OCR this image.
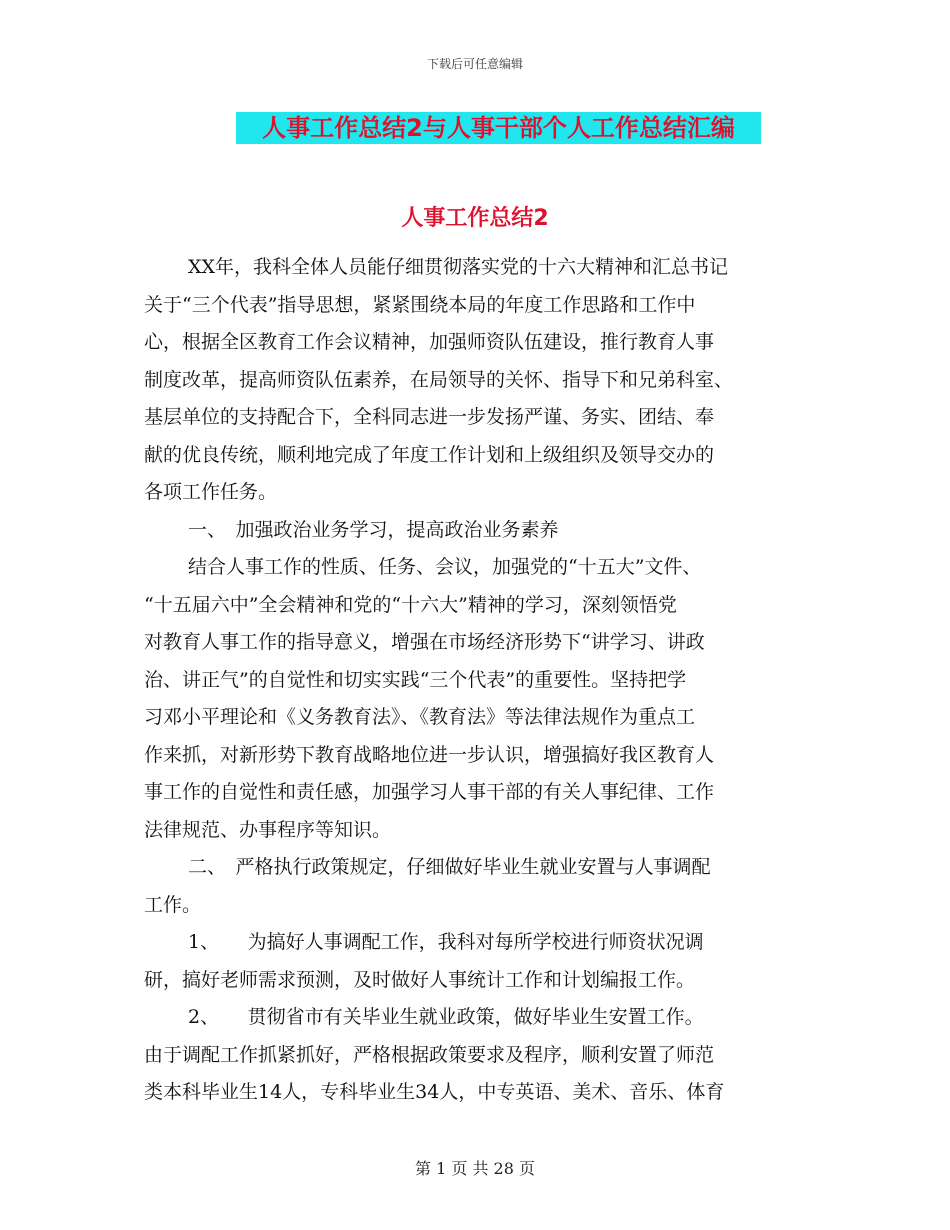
下载后可任意编辑
人事工作总结2与人事干部个人工作总结汇编
人事工作总结2
XX年，我科全体人员能仔细贯彻落实党的十六大精神和汇总书记
关于“三个代表”指导思想，紧紧围绕本局的年度工作思路和工作中
心，根据全区教育工作会议精神，加强师资队伍建设，推行教育人事
制度改革，提高师资队伍素养，在局领导的关怀、指导下和兄弟科室、
基层单位的支持配合下，全科同志进一步发扬严谨、务实、团结、奉
献的优良传统，顺利地完成了年度工作计划和上级组织及领导交办的
各项工作任务。
一、　加强政治业务学习，提高政治业务素养
结合人事工作的性质、任务、会议，加强党的“十五大”文件、
“十五届六中”全会精神和党的“十六大”精神的学习，深刻领悟党
对教育人事工作的指导意义，增强在市场经济形势下“讲学习、讲政
治、讲正气”的自觉性和切实实践“三个代表”的重要性。坚持把学
习邓小平理论和《义务教育法》、《教育法》等法律法规作为重点工
作来抓，对新形势下教育战略地位进一步认识，增强搞好我区教育人
事工作的自觉性和责任感，加强学习人事干部的有关人事纪律、工作
法律规范、办事程序等知识。
二、　严格执行政策规定，仔细做好毕业生就业安置与人事调配
工作。
1、　　为搞好人事调配工作，我科对每所学校进行师资状况调
研，搞好老师需求预测，及时做好人事统计工作和计划编报工作。
2、　　贯彻省市有关毕业生就业政策，做好毕业生安置工作。
由于调配工作抓紧抓好，严格根据政策要求及程序，顺利安置了师范
类本科毕业生14人，专科毕业生34人，中专英语、美术、音乐、体育
第 1 页 共 28 页
